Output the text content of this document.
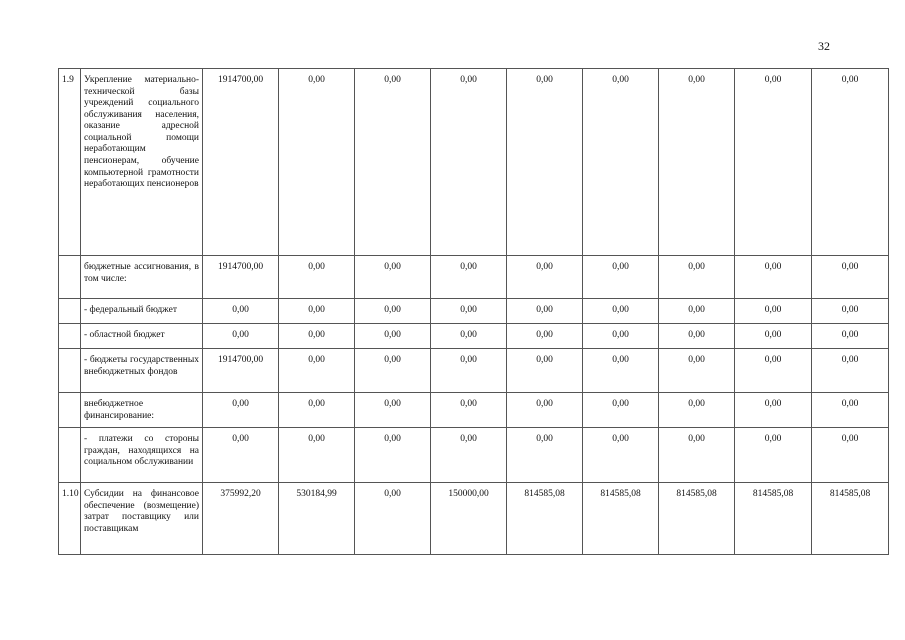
32
1.9	Укрепление материально-технической базы учреждений социального обслуживания населения, оказание адресной социальной помощи неработающим пенсионерам, обучение компьютерной грамотности неработающих пенсионеров	1914700,00	0,00	0,00	0,00	0,00	0,00	0,00	0,00	0,00
	бюджетные ассигнования, в том числе:	1914700,00	0,00	0,00	0,00	0,00	0,00	0,00	0,00	0,00
	- федеральный бюджет	0,00	0,00	0,00	0,00	0,00	0,00	0,00	0,00	0,00
	- областной бюджет	0,00	0,00	0,00	0,00	0,00	0,00	0,00	0,00	0,00
	- бюджеты государственных внебюджетных фондов	1914700,00	0,00	0,00	0,00	0,00	0,00	0,00	0,00	0,00
	внебюджетное финансирование:	0,00	0,00	0,00	0,00	0,00	0,00	0,00	0,00	0,00
	- платежи со стороны граждан, находящихся на социальном обслуживании	0,00	0,00	0,00	0,00	0,00	0,00	0,00	0,00	0,00
1.10	Субсидии на финансовое обеспечение (возмещение) затрат поставщику или поставщикам	375992,20	530184,99	0,00	150000,00	814585,08	814585,08	814585,08	814585,08	814585,08
